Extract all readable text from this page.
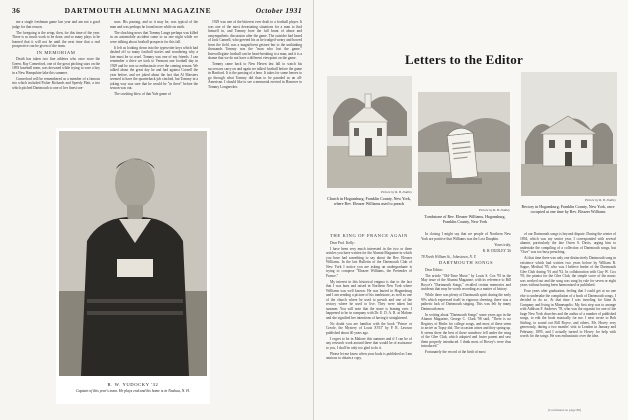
36	DARTMOUTH ALUMNI MAGAZINE	October 1931

me a single freshman game last year and am not a good judge for that reason.

The foregoing is the setup, then, for this time of the year. There is so much work to be done, and so many plays to be learned that it will not be until the next time that a real prospective can be given of the team.

IN MEMORIAM

Death has taken two fine athletes who once wore the Green. Ray Comerford, one of the great pitching stars on the 1893 baseball team, was drowned while trying to save a boy in a New Hampshire lake this summer.

Comerford will be remembered as a member of a famous trio which included Fisher Richards and Speedy Platt, a trio which pitched Dartmouth to one of her finest sea-

sons. His passing, and so it may be, was typical of the man and was perhaps he found more while on earth.

The shocking news that Tommy Lange perhaps was killed in an automobile accident came to us one night while we were talking about football prospects for this fall.

It left us looking down into the typewriter keys which had dashed off so many football stories and wondering why a fate must be so cruel. Tommy was one of my friends. I can remember a drive we took to Vermont one football day in 1929 and he was so enthusiastic over the coming season. We talked about the great day he and had against Cornell the year before, and we joked about the fact that Al Marsters seemed to have the quarterback job cinched, but Tommy in a joking way was sure that he would be "in there" before the season was out.

The crushing blow of that Yale game of

1929 was one of the bitterest ever dealt to a football player. It was one of the most devastating situations for a man to find himself in, and Tommy bore the full brunt of abuse and unsympathetic discussion after the game. The outsider had heard of Jack Cannell, who greeted his as he trudged weary and bowed from the field, was a magnificent gesture but to the unthinking thousands Tommy was the "man who lost the game." Intercollegiate football can be heart-breaking to a man, and it is a shame that we do not have a different viewpoint on the game.

Tommy came back to New Haven last fall to watch his successors carry on and again we talked football before the game in Hartford. It is the passing of a hero. It takes for some heroes to go through what Tommy did than to be paraded as an all-American. I should like to see a memorial erected in Hanover to Tommy Longnecker.

R. W. YUDOCKY '32
Captain of this year's team. He plays end and his home is in Nashua, N. H.
Letters to the Editor
Picture by R. B. Dudley
Church in Hogansburg, Franklin County, New York, where Rev. Eleazer Williams used to preach
Picture by R. B. Dudley
Tombstone of Rev. Eleazer Williams, Hogansburg, Franklin County, New York
Picture by R. B. Dudley
Rectory in Hogansburg, Franklin County, New York, once occupied at one time by Rev. Eleazer Williams
THE KING OF FRANCE AGAIN

Dear Prof. Kelly:

I have been very much interested in the two or three articles you have written for the Alumni Magazine in which you have had something to say about the Rev. Eleazer Williams. In the last Bulletin of the Dartmouth Club of New York I notice you are asking an undergraduate is trying to compose "Eleazer Williams, the Pretender of France."

My interest in this historical enigma is due to the fact that I was born and raised in Northern New York where Williams was well known. He was buried in Hogansburg and I am sending a picture of his tombstone, as well as one of the church where he used to preach and one of the rectory where he used to live. They were taken last summer. You will note that the stone is leaning over. I happened to be in company with Dr. E. D. A. R. at Malone and she signified her intentions of having it straightened.

No doubt you are familiar with the book "Prince or Creole, the Mystery of Louis XVII" by P. R. Lawson published about 40 years ago.

I regret to be in Malone this summer and if I can be of any research work around there that would be of assistance to you, I shall be only too glad to do it.

Please let me know when your book is published as I am anxious to obtain a copy.

In closing I might say that we people of Northern New York are positive that Williams was the Lost Dauphin.

Yours truly,

R. H. DUDLEY '26

78 North William St., Johnstown, N. Y.

DARTMOUTH SONGS

Dear Editor:

The article "Old-Time Music" by Louis S. Cox '95 in the May issue of the Alumni Magazine, with its reference to Bill Boyce's "Dartmouth Songs," recalled certain memories and incidents that may be worth recording as a matter of history.

While there was plenty of Dartmouth spirit during the early 90's which expressed itself in vigorous cheering, there was a pathetic lack of Dartmouth singing. This was felt by many Dartmouth men.

In writing about "Dartmouth Songs" some years ago in the Alumni Magazine, George C. Clark '98 said, "There is no Registry of Births for college songs, and most of these seem to arrive as Topsy did. The occasion arises and they spring up. It seems there the best of these somehow fell under the wing of the Glee Club, which adopted and foster parent and saw them properly introduced. I think most of Hovey's were thus introduced."

Fortunately the record of the birth of most

of our Dartmouth songs is beyond dispute. During the winter of 1894, which was my senior year, I corresponded with several alumni, particularly the late Owen S. Davis, urging him to undertake the compiling of a collection of Dartmouth songs, but "Owe" was too busy preaching.

At that time there was only one distinctively Dartmouth song in existence which had written two years before by William R. Sague, Medical '95, who was I believe leader of the Dartmouth Glee Club during '91 and '92. In collaboration with Guy W. Cox '95, the pianist for the Glee Club, the simple score of the music was worked out and the song was sung by rule for seven or eight years without having been harmonized or published.

Four years after graduation, feeling that I could get at no one else to undertake the compilation of a book of Dartmouth songs, I decided to do so. At that time I was traveling for Ginn & Company and living in Minneapolis. My first step was to arrange with Addison F. Andrews '78, who was the organist for one of the large New York churches and the author of a number of published songs, to edit the book musically for me. I next wrote to Bob Stirling, to sound out Bill Boyce, and others. Mr. Hovey very generously, during a two months' visit to London in January and February, 1895, and I actually turned to Hovey for help with words for the songs. He was enthusiastic over the idea.

(Continued on page 80)
